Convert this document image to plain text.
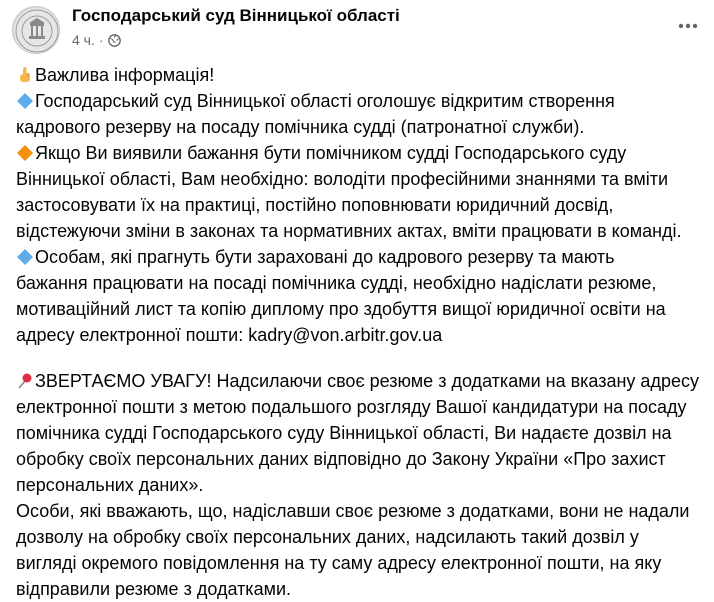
Господарський суд Вінницької області
4 ч. ·

Важлива інформація!

Господарський суд Вінницької області оголошує відкритим створення
кадрового резерву на посаду помічника судді (патронатної служби).

Якщо Ви виявили бажання бути помічником судді Господарського суду
Вінницької області, Вам необхідно: володіти професійними знаннями та вміти
застосовувати їх на практиці, постійно поповнювати юридичний досвід,
відстежуючи зміни в законах та нормативних актах, вміти працювати в команді.

Особам, які прагнуть бути зараховані до кадрового резерву та мають
бажання працювати на посаді помічника судді, необхідно надіслати резюме,
мотиваційний лист та копію диплому про здобуття вищої юридичної освіти на
адресу електронної пошти: kadry@von.arbitr.gov.ua

ЗВЕРТАЄМО УВАГУ! Надсилаючи своє резюме з додатками на вказану адресу
електронної пошти з метою подальшого розгляду Вашої кандидатури на посаду
помічника судді Господарського суду Вінницької області, Ви надаєте дозвіл на
обробку своїх персональних даних відповідно до Закону України «Про захист
персональних даних».

Особи, які вважають, що, надіславши своє резюме з додатками, вони не надали
дозволу на обробку своїх персональних даних, надсилають такий дозвіл у
вигляді окремого повідомлення на ту саму адресу електронної пошти, на яку
відправили резюме з додатками.
